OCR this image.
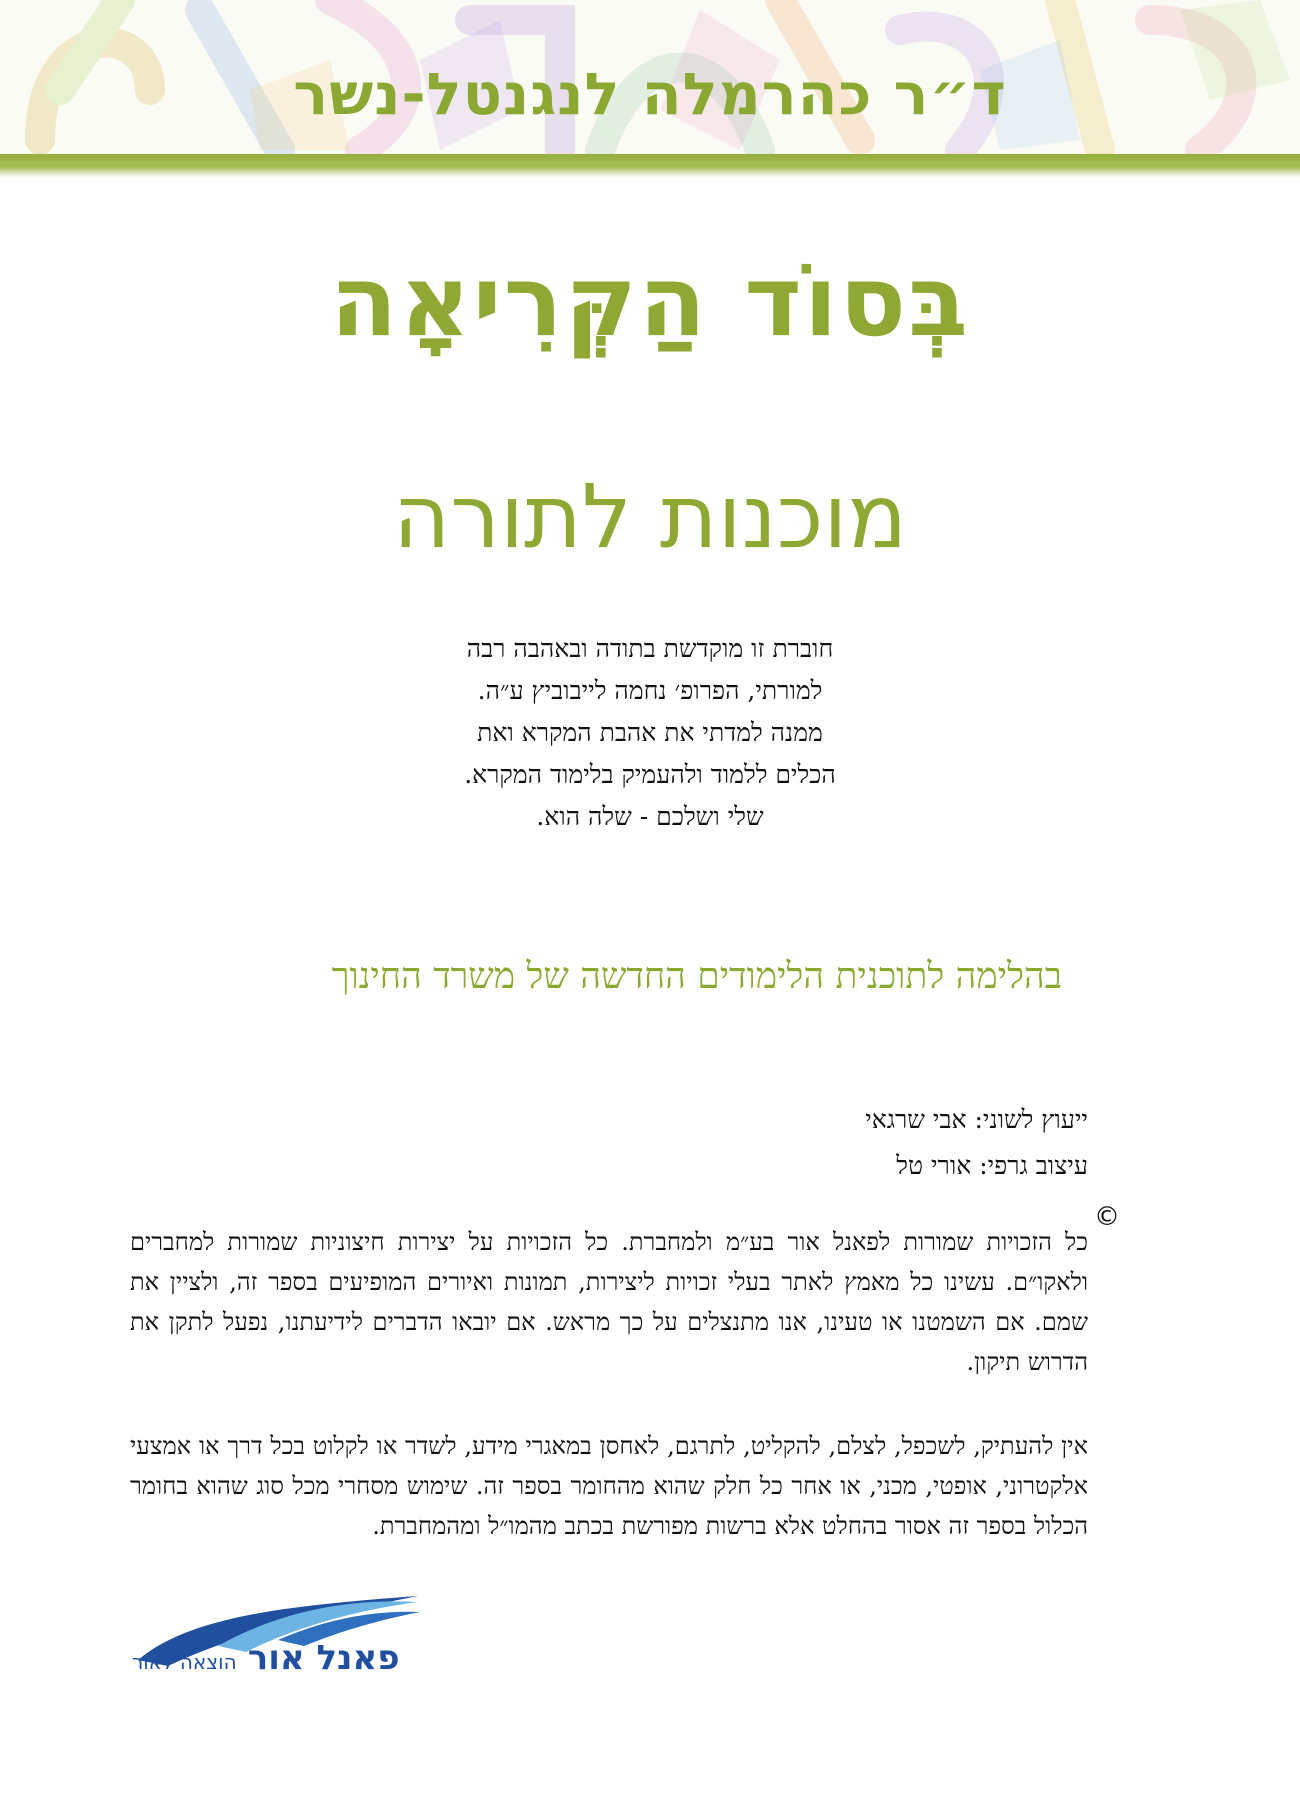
ד״ר כהרמלה לנגנטל-נשר
בְּסוֹד הַקְּרִיאָה
מוכנות לתורה
חוברת זו מוקדשת בתודה ובאהבה רבה
למורתי, הפרופ׳ נחמה לייבוביץ ע״ה.
ממנה למדתי את אהבת המקרא ואת
הכלים ללמוד ולהעמיק בלימוד המקרא.
שלי ושלכם - שלה הוא.
בהלימה לתוכנית הלימודים החדשה של משרד החינוך
ייעוץ לשוני: אבי שרגאי
עיצוב גרפי: אורי טל
©
כל הזכויות שמורות לפאנל אור בע״מ ולמחברת. כל הזכויות על יצירות חיצוניות שמורות למחברים ולאקו״ם. עשינו כל מאמץ לאתר בעלי זכויות ליצירות, תמונות ואיורים המופיעים בספר זה, ולציין את שמם. אם השמטנו או טעינו, אנו מתנצלים על כך מראש. אם יובאו הדברים לידיעתנו, נפעל לתקן את הדרוש תיקון.
אין להעתיק, לשכפל, לצלם, להקליט, לתרגם, לאחסן במאגרי מידע, לשדר או לקלוט בכל דרך או אמצעי אלקטרוני, אופטי, מכני, או אחר כל חלק שהוא מהחומר בספר זה. שימוש מסחרי מכל סוג שהוא בחומר הכלול בספר זה אסור בהחלט אלא ברשות מפורשת בכתב מהמו״ל ומהמחברת.
פאנל אור הוצאה לאור
